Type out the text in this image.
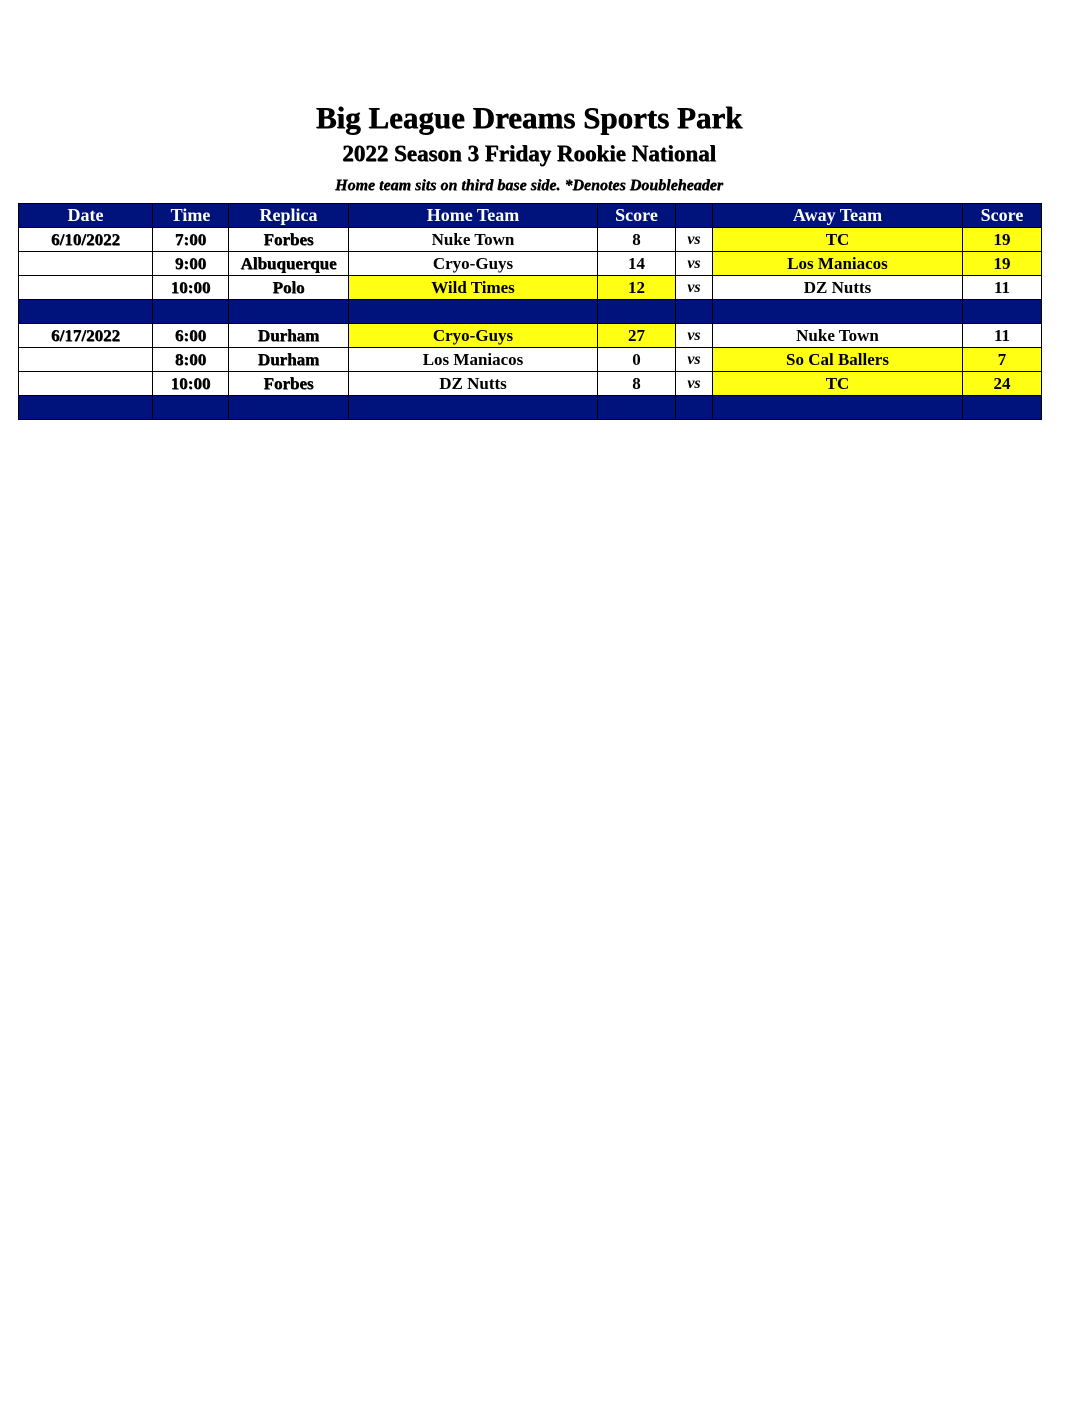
Big League Dreams Sports Park
2022 Season 3 Friday Rookie National
Home team sits on third base side. *Denotes Doubleheader
Date	Time	Replica	Home Team	Score		Away Team	Score
6/10/2022	7:00	Forbes	Nuke Town	8	vs	TC	19
	9:00	Albuquerque	Cryo-Guys	14	vs	Los Maniacos	19
	10:00	Polo	Wild Times	12	vs	DZ Nutts	11

6/17/2022	6:00	Durham	Cryo-Guys	27	vs	Nuke Town	11
	8:00	Durham	Los Maniacos	0	vs	So Cal Ballers	7
	10:00	Forbes	DZ Nutts	8	vs	TC	24
